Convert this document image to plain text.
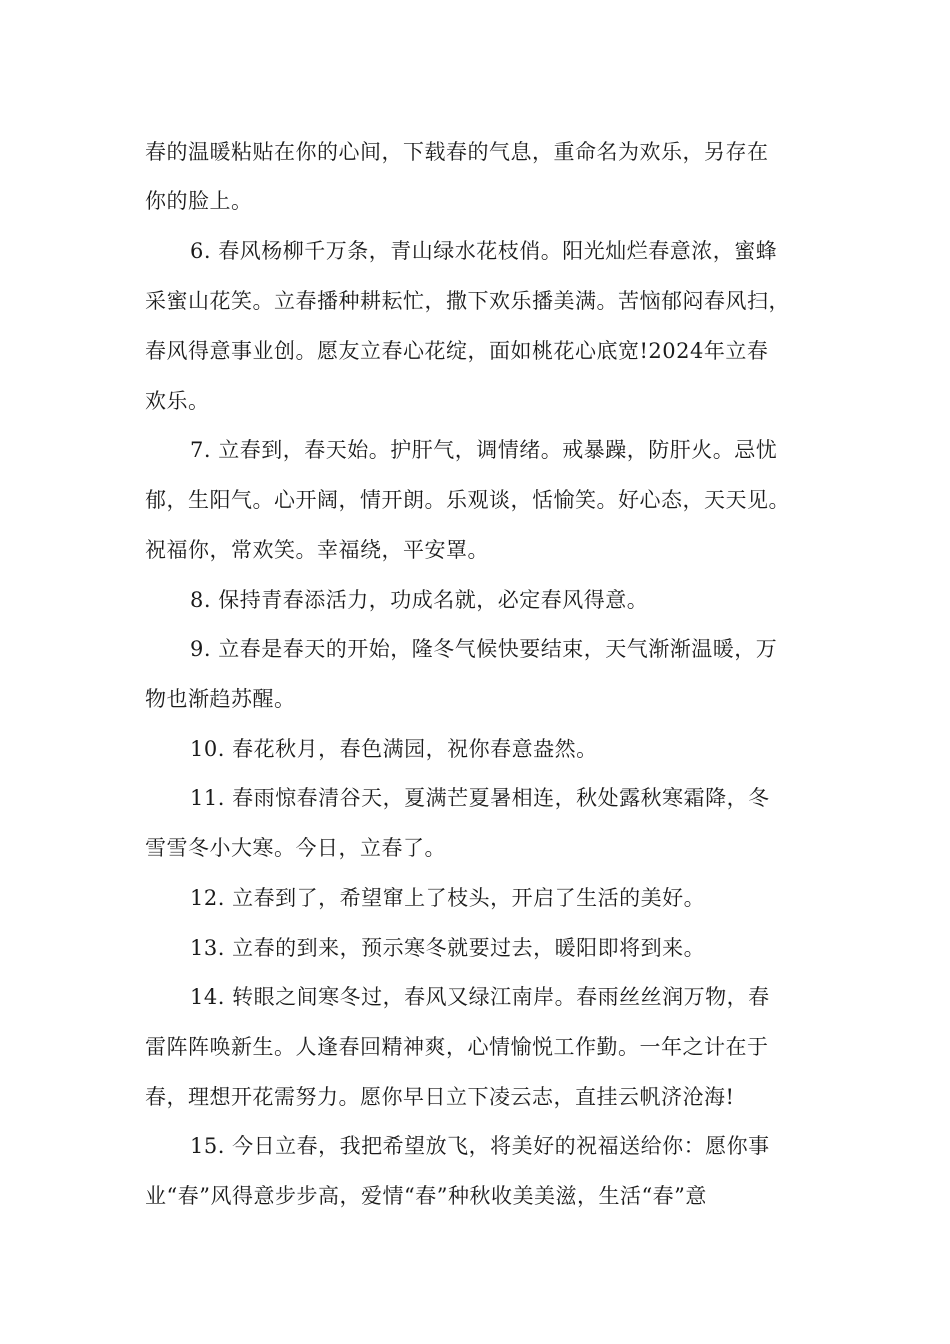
春的温暖粘贴在你的心间，下载春的气息，重命名为欢乐，另存在
你的脸上。
6. 春风杨柳千万条，青山绿水花枝俏。阳光灿烂春意浓，蜜蜂
采蜜山花笑。立春播种耕耘忙，撒下欢乐播美满。苦恼郁闷春风扫，
春风得意事业创。愿友立春心花绽，面如桃花心底宽!2024年立春
欢乐。
7. 立春到，春天始。护肝气，调情绪。戒暴躁，防肝火。忌忧
郁，生阳气。心开阔，情开朗。乐观谈，恬愉笑。好心态，天天见。
祝福你，常欢笑。幸福绕，平安罩。
8. 保持青春添活力，功成名就，必定春风得意。
9. 立春是春天的开始，隆冬气候快要结束，天气渐渐温暖，万
物也渐趋苏醒。
10. 春花秋月，春色满园，祝你春意盎然。
11. 春雨惊春清谷天，夏满芒夏暑相连，秋处露秋寒霜降，冬
雪雪冬小大寒。今日，立春了。
12. 立春到了，希望窜上了枝头，开启了生活的美好。
13. 立春的到来，预示寒冬就要过去，暖阳即将到来。
14. 转眼之间寒冬过，春风又绿江南岸。春雨丝丝润万物，春
雷阵阵唤新生。人逢春回精神爽，心情愉悦工作勤。一年之计在于
春，理想开花需努力。愿你早日立下凌云志，直挂云帆济沧海!
15. 今日立春，我把希望放飞，将美好的祝福送给你：愿你事
业“春”风得意步步高，爱情“春”种秋收美美滋，生活“春”意
